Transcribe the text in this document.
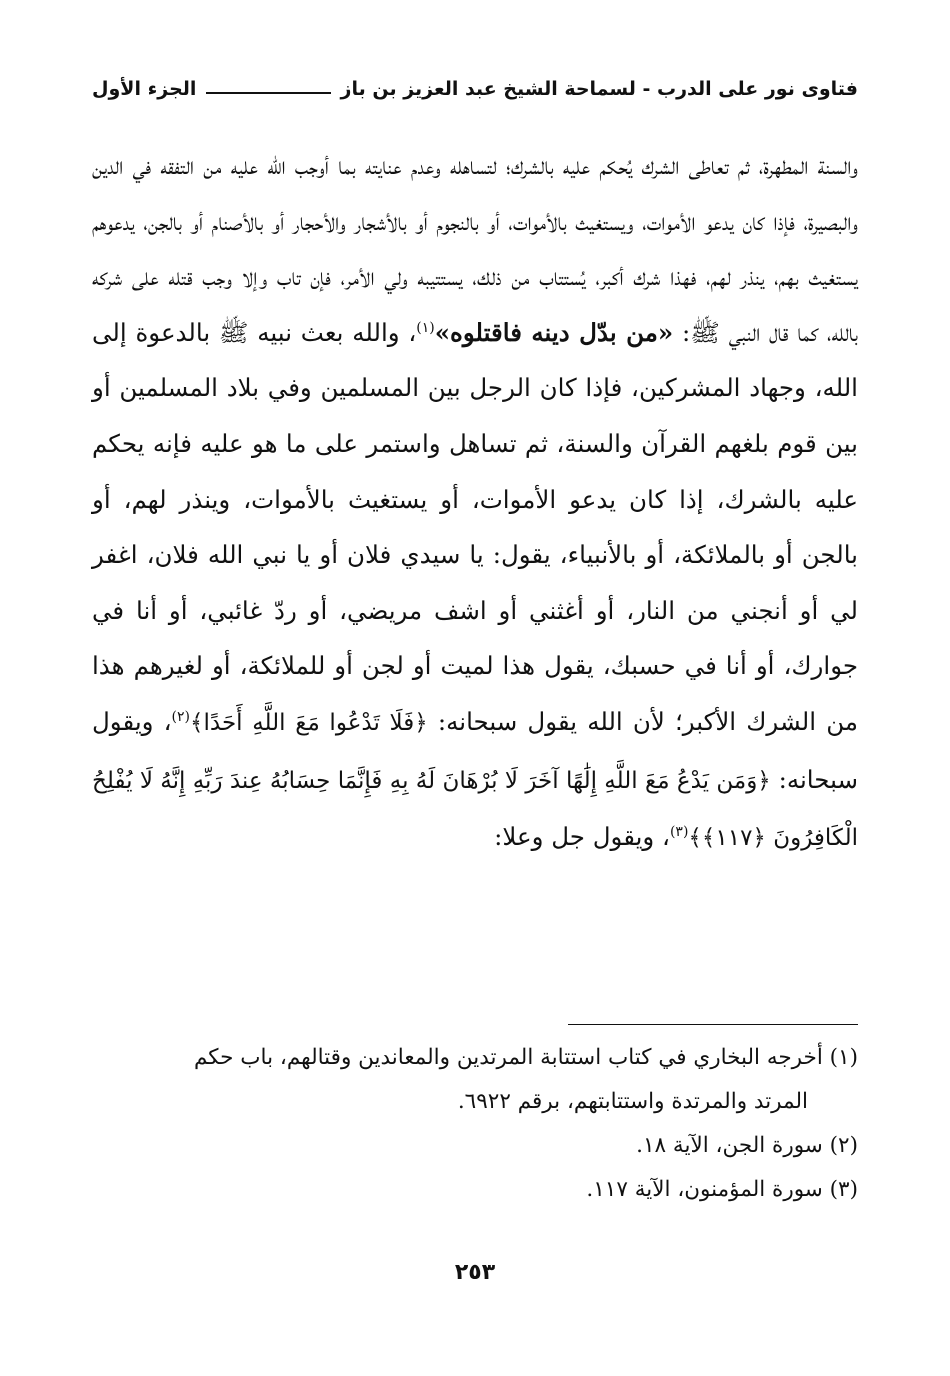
فتاوى نور على الدرب - لسماحة الشيخ عبد العزيز بن باز
الجزء الأول

والسنة المطهرة، ثم تعاطى الشرك يُحكم عليه بالشرك؛ لتساهله وعدم عنايته بما أوجب الله عليه من التفقه في الدين والبصيرة، فإذا كان يدعو الأموات، ويستغيث بالأموات، أو بالنجوم أو بالأشجار والأحجار أو بالأصنام أو بالجن، يدعوهم يستغيث بهم، ينذر لهم، فهذا شرك أكبر، يُستتاب من ذلك، يستتيبه ولي الأمر، فإن تاب وإلا وجب قتله على شركه بالله، كما قال النبي ﷺ: «من بدّل دينه فاقتلوه»$^{(١)}$، والله بعث نبيه ﷺ بالدعوة إلى الله، وجهاد المشركين، فإذا كان الرجل بين المسلمين وفي بلاد المسلمين أو بين قوم بلغهم القرآن والسنة، ثم تساهل واستمر على ما هو عليه فإنه يحكم عليه بالشرك، إذا كان يدعو الأموات، أو يستغيث بالأموات، وينذر لهم، أو بالجن أو بالملائكة، أو بالأنبياء، يقول: يا سيدي فلان أو يا نبي الله فلان، اغفر لي أو أنجني من النار، أو أغثني أو اشف مريضي، أو ردّ غائبي، أو أنا في جوارك، أو أنا في حسبك، يقول هذا لميت أو لجن أو للملائكة، أو لغيرهم هذا من الشرك الأكبر؛ لأن الله يقول سبحانه: ﴿فَلَا تَدْعُوا مَعَ اللَّهِ أَحَدًا﴾$^{(٢)}$، ويقول سبحانه: ﴿وَمَن يَدْعُ مَعَ اللَّهِ إِلَٰهًا آخَرَ لَا بُرْهَانَ لَهُ بِهِ فَإِنَّمَا حِسَابُهُ عِندَ رَبِّهِ إِنَّهُ لَا يُفْلِحُ الْكَافِرُونَ ﴿١١٧﴾﴾$^{(٣)}$، ويقول جل وعلا:

(١) أخرجه البخاري في كتاب استتابة المرتدين والمعاندين وقتالهم، باب حكم

المرتد والمرتدة واستتابتهم، برقم ٦٩٢٢.

(٢) سورة الجن، الآية ١٨.

(٣) سورة المؤمنون، الآية ١١٧.

٢٥٣
